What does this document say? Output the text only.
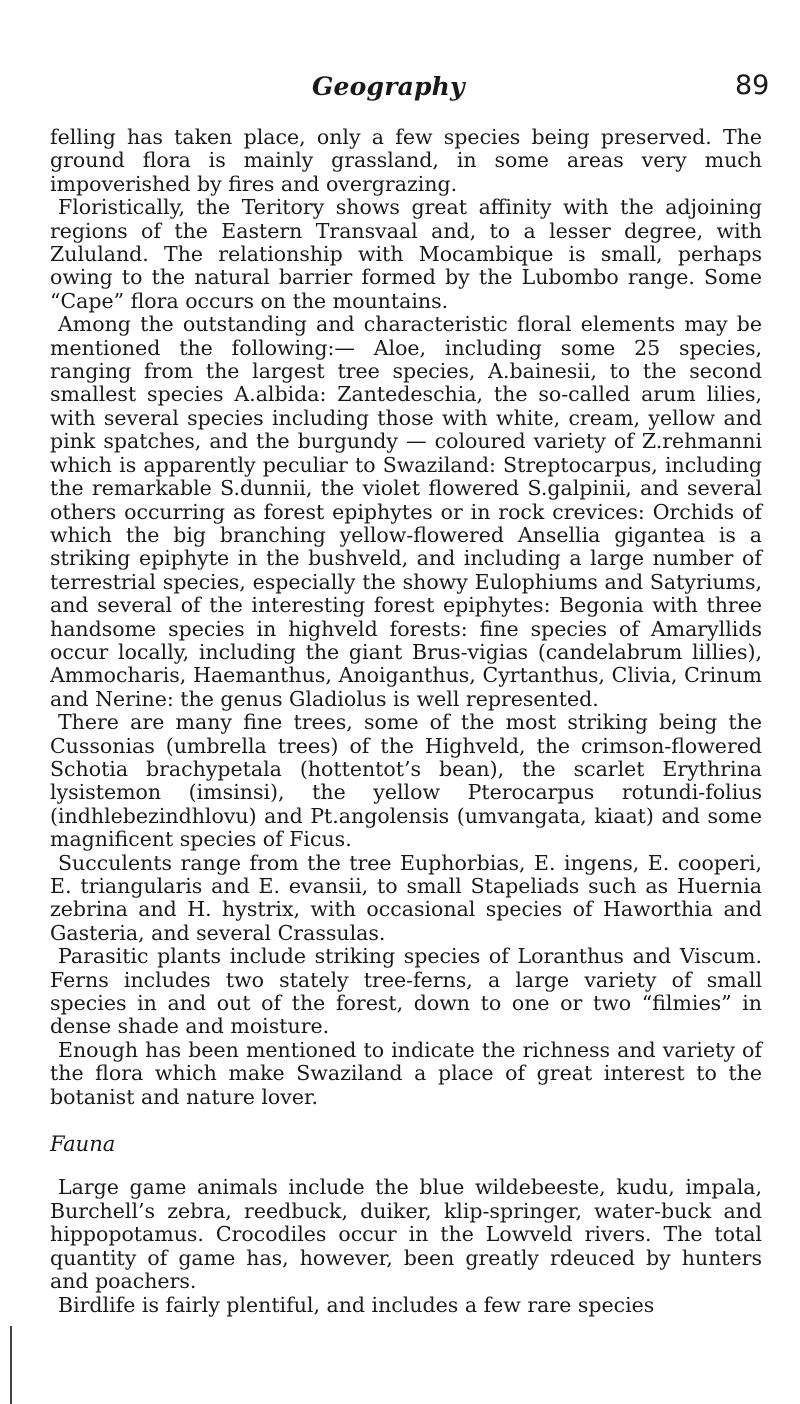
Geography	89

felling has taken place, only a few species being preserved. The ground flora is mainly grassland, in some areas very much impoverished by fires and overgrazing.

Floristically, the Teritory shows great affinity with the adjoining regions of the Eastern Transvaal and, to a lesser degree, with Zululand. The relationship with Mocambique is small, perhaps owing to the natural barrier formed by the Lubombo range. Some “Cape” flora occurs on the mountains.

Among the outstanding and characteristic floral elements may be mentioned the following:— Aloe, including some 25 species, ranging from the largest tree species, A.bainesii, to the second smallest species A.albida: Zantedeschia, the so-called arum lilies, with several species including those with white, cream, yellow and pink spatches, and the burgundy — coloured variety of Z.rehmanni which is apparently peculiar to Swaziland: Streptocarpus, including the remarkable S.dunnii, the violet flowered S.galpinii, and several others occurring as forest epiphytes or in rock crevices: Orchids of which the big branching yellow-flowered Ansellia gigantea is a striking epiphyte in the bushveld, and including a large number of terrestrial species, especially the showy Eulophiums and Satyriums, and several of the interesting forest epiphytes: Begonia with three handsome species in highveld forests: fine species of Amaryllids occur locally, including the giant Brus-vigias (candelabrum lillies), Ammocharis, Haemanthus, Anoiganthus, Cyrtanthus, Clivia, Crinum and Nerine: the genus Gladiolus is well represented.

There are many fine trees, some of the most striking being the Cussonias (umbrella trees) of the Highveld, the crimson-flowered Schotia brachypetala (hottentot’s bean), the scarlet Erythrina lysistemon (imsinsi), the yellow Pterocarpus rotundi-folius (indhlebezindhlovu) and Pt.angolensis (umvangata, kiaat) and some magnificent species of Ficus.

Succulents range from the tree Euphorbias, E. ingens, E. cooperi, E. triangularis and E. evansii, to small Stapeliads such as Huernia zebrina and H. hystrix, with occasional species of Haworthia and Gasteria, and several Crassulas.

Parasitic plants include striking species of Loranthus and Viscum. Ferns includes two stately tree-ferns, a large variety of small species in and out of the forest, down to one or two “filmies” in dense shade and moisture.

Enough has been mentioned to indicate the richness and variety of the flora which make Swaziland a place of great interest to the botanist and nature lover.

Fauna

Large game animals include the blue wildebeeste, kudu, impala, Burchell’s zebra, reedbuck, duiker, klip-springer, water-buck and hippopotamus. Crocodiles occur in the Lowveld rivers. The total quantity of game has, however, been greatly rdeuced by hunters and poachers.

Birdlife is fairly plentiful, and includes a few rare species
